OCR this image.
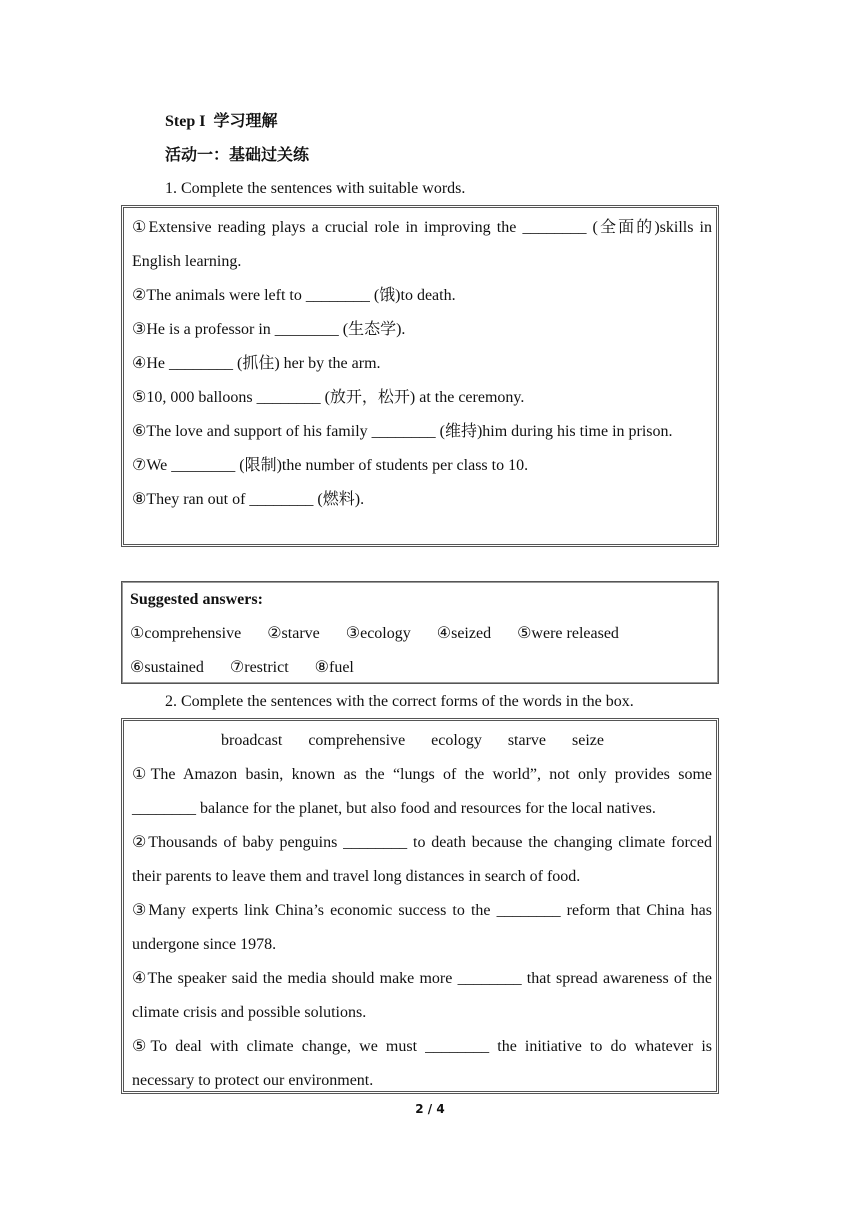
Step I 学习理解
活动一：基础过关练
1. Complete the sentences with suitable words.
①Extensive reading plays a crucial role in improving the ________ (全面的)skills in English learning.
②The animals were left to ________ (饿)to death.
③He is a professor in ________ (生态学).
④He ________ (抓住) her by the arm.
⑤10, 000 balloons ________ (放开，松开) at the ceremony.
⑥The love and support of his family ________ (维持)him during his time in prison.
⑦We ________ (限制)the number of students per class to 10.
⑧They ran out of ________ (燃料).
Suggested answers:
①comprehensive ②starve ③ecology ④seized ⑤were released
⑥sustained ⑦restrict ⑧fuel
2. Complete the sentences with the correct forms of the words in the box.
broadcast comprehensive ecology starve seize
①The Amazon basin, known as the “lungs of the world”, not only provides some ________ balance for the planet, but also food and resources for the local natives.
②Thousands of baby penguins ________ to death because the changing climate forced their parents to leave them and travel long distances in search of food.
③Many experts link China’s economic success to the ________ reform that China has undergone since 1978.
④The speaker said the media should make more ________ that spread awareness of the climate crisis and possible solutions.
⑤To deal with climate change, we must ________ the initiative to do whatever is necessary to protect our environment.
2 / 4
